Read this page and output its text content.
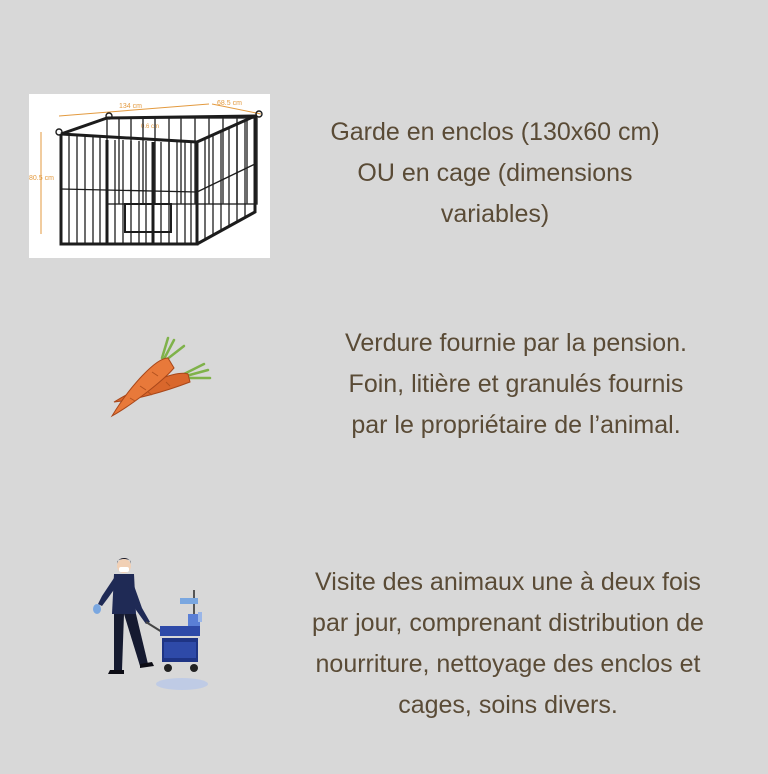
134 cm	68.5 cm
80.5 cm
0.6 cm	Garde en enclos (130x60 cm)
OU en cage (dimensions
variables)
Verdure fournie par la pension.
Foin, litière et granulés fournis
par le propriétaire de l’animal.
Visite des animaux une à deux fois
par jour, comprenant distribution de
nourriture, nettoyage des enclos et
cages, soins divers.
